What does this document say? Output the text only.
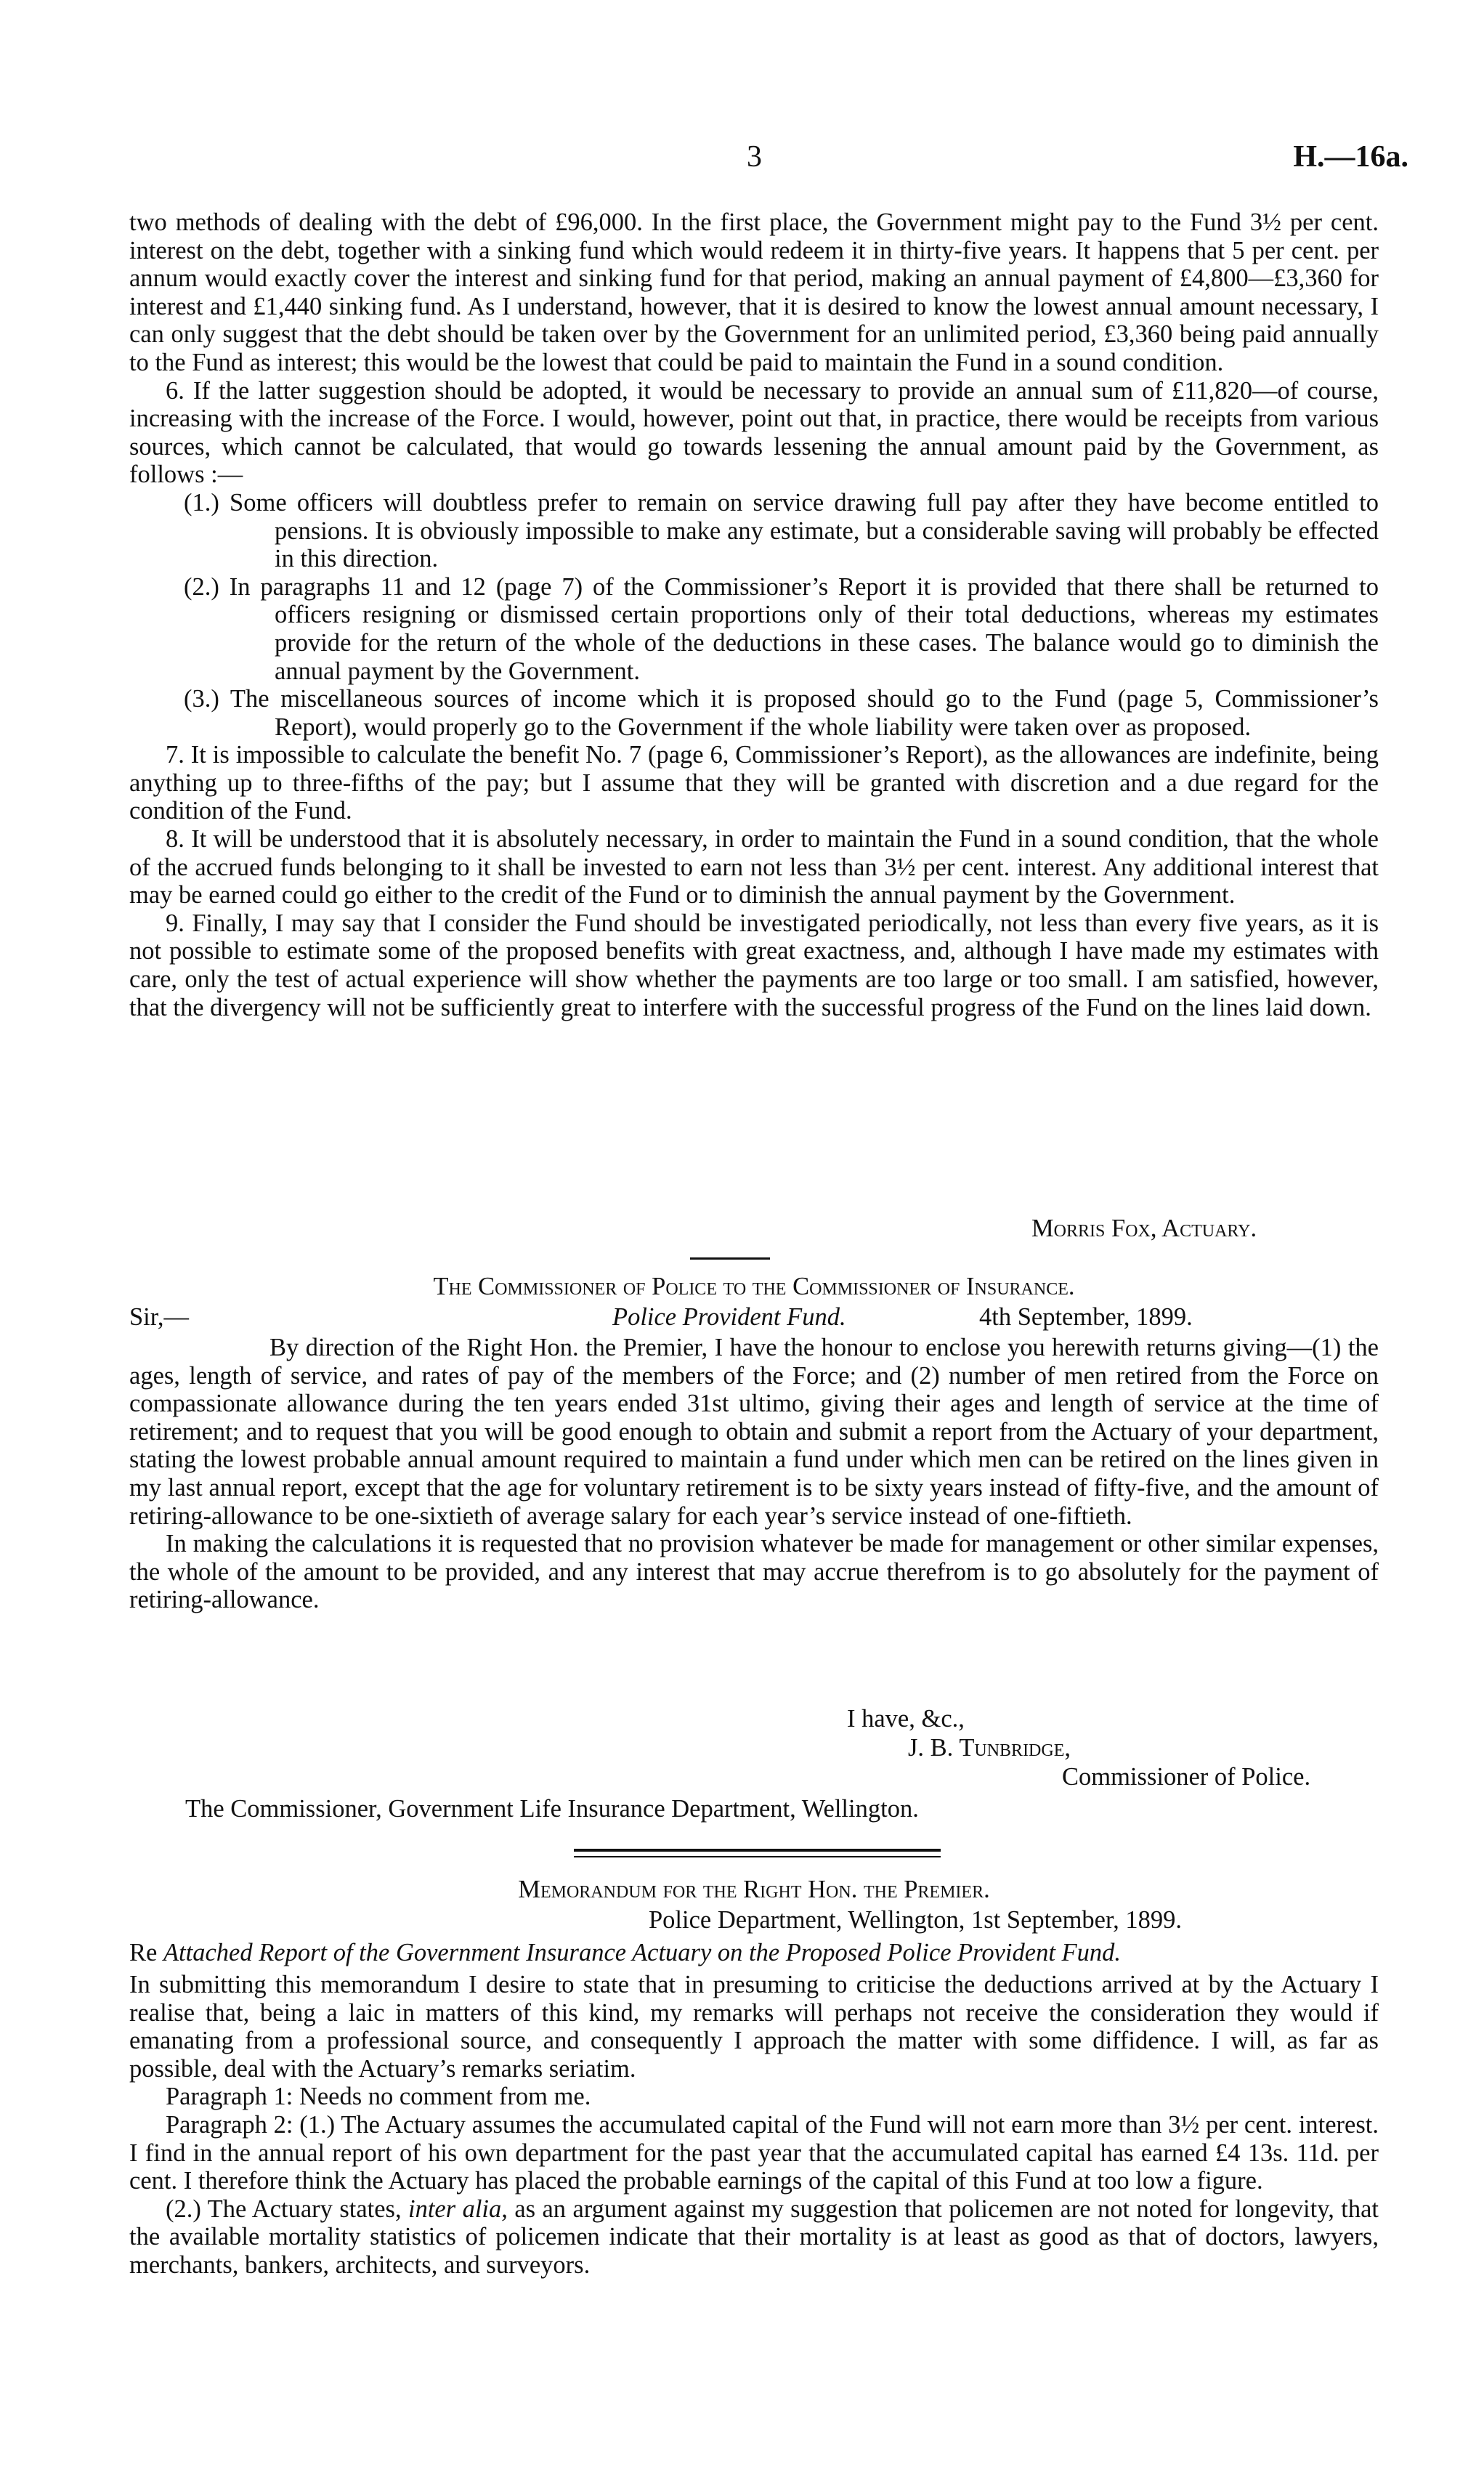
3	H.—16a.

two methods of dealing with the debt of £96,000. In the first place, the Government might pay to the Fund 3½ per cent. interest on the debt, together with a sinking fund which would redeem it in thirty-five years. It happens that 5 per cent. per annum would exactly cover the interest and sinking fund for that period, making an annual payment of £4,800—£3,360 for interest and £1,440 sinking fund. As I understand, however, that it is desired to know the lowest annual amount necessary, I can only suggest that the debt should be taken over by the Government for an unlimited period, £3,360 being paid annually to the Fund as interest; this would be the lowest that could be paid to maintain the Fund in a sound condition.

6. If the latter suggestion should be adopted, it would be necessary to provide an annual sum of £11,820—of course, increasing with the increase of the Force. I would, however, point out that, in practice, there would be receipts from various sources, which cannot be calculated, that would go towards lessening the annual amount paid by the Government, as follows :—

(1.) Some officers will doubtless prefer to remain on service drawing full pay after they have become entitled to pensions. It is obviously impossible to make any estimate, but a considerable saving will probably be effected in this direction.

(2.) In paragraphs 11 and 12 (page 7) of the Commissioner’s Report it is provided that there shall be returned to officers resigning or dismissed certain proportions only of their total deductions, whereas my estimates provide for the return of the whole of the deductions in these cases. The balance would go to diminish the annual payment by the Government.

(3.) The miscellaneous sources of income which it is proposed should go to the Fund (page 5, Commissioner’s Report), would properly go to the Government if the whole liability were taken over as proposed.

7. It is impossible to calculate the benefit No. 7 (page 6, Commissioner’s Report), as the allowances are indefinite, being anything up to three-fifths of the pay; but I assume that they will be granted with discretion and a due regard for the condition of the Fund.

8. It will be understood that it is absolutely necessary, in order to maintain the Fund in a sound condition, that the whole of the accrued funds belonging to it shall be invested to earn not less than 3½ per cent. interest. Any additional interest that may be earned could go either to the credit of the Fund or to diminish the annual payment by the Government.

9. Finally, I may say that I consider the Fund should be investigated periodically, not less than every five years, as it is not possible to estimate some of the proposed benefits with great exactness, and, although I have made my estimates with care, only the test of actual experience will show whether the payments are too large or too small. I am satisfied, however, that the divergency will not be sufficiently great to interfere with the successful progress of the Fund on the lines laid down.

Morris Fox, Actuary.
The Commissioner of Police to the Commissioner of Insurance.
Sir,—	Police Provident Fund.	4th September, 1899.

By direction of the Right Hon. the Premier, I have the honour to enclose you herewith returns giving—(1) the ages, length of service, and rates of pay of the members of the Force; and (2) number of men retired from the Force on compassionate allowance during the ten years ended 31st ultimo, giving their ages and length of service at the time of retirement; and to request that you will be good enough to obtain and submit a report from the Actuary of your department, stating the lowest probable annual amount required to maintain a fund under which men can be retired on the lines given in my last annual report, except that the age for voluntary retirement is to be sixty years instead of fifty-five, and the amount of retiring-allowance to be one-sixtieth of average salary for each year’s service instead of one-fiftieth.

In making the calculations it is requested that no provision whatever be made for management or other similar expenses, the whole of the amount to be provided, and any interest that may accrue therefrom is to go absolutely for the payment of retiring-allowance.

I have, &c.,
J. B. Tunbridge,
Commissioner of Police.
The Commissioner, Government Life Insurance Department, Wellington.
Memorandum for the Right Hon. the Premier.
Police Department, Wellington, 1st September, 1899.
Re Attached Report of the Government Insurance Actuary on the Proposed Police Provident Fund.

In submitting this memorandum I desire to state that in presuming to criticise the deductions arrived at by the Actuary I realise that, being a laic in matters of this kind, my remarks will perhaps not receive the consideration they would if emanating from a professional source, and consequently I approach the matter with some diffidence. I will, as far as possible, deal with the Actuary’s remarks seriatim.

Paragraph 1: Needs no comment from me.

Paragraph 2: (1.) The Actuary assumes the accumulated capital of the Fund will not earn more than 3½ per cent. interest. I find in the annual report of his own department for the past year that the accumulated capital has earned £4 13s. 11d. per cent. I therefore think the Actuary has placed the probable earnings of the capital of this Fund at too low a figure.

(2.) The Actuary states, inter alia, as an argument against my suggestion that policemen are not noted for longevity, that the available mortality statistics of policemen indicate that their mortality is at least as good as that of doctors, lawyers, merchants, bankers, architects, and surveyors.
